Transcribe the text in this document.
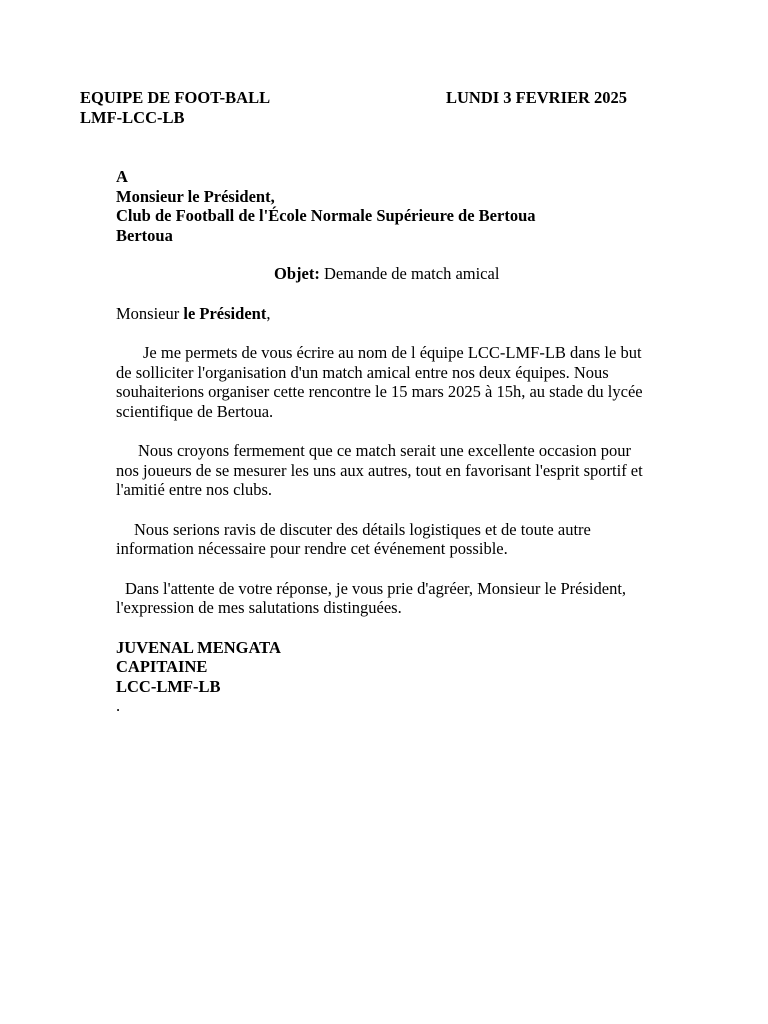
EQUIPE DE FOOT-BALL
LMF-LCC-LB
LUNDI 3 FEVRIER 2025
A
Monsieur le Président,
Club de Football de l'École Normale Supérieure de Bertoua
Bertoua
Objet: Demande de match amical
Monsieur le Président,

Je me permets de vous écrire au nom de l équipe LCC-LMF-LB dans le but de solliciter l'organisation d'un match amical entre nos deux équipes. Nous souhaiterions organiser cette rencontre le 15 mars 2025 à 15h, au stade du lycée scientifique de Bertoua.

Nous croyons fermement que ce match serait une excellente occasion pour nos joueurs de se mesurer les uns aux autres, tout en favorisant l'esprit sportif et l'amitié entre nos clubs.

Nous serions ravis de discuter des détails logistiques et de toute autre information nécessaire pour rendre cet événement possible.

Dans l'attente de votre réponse, je vous prie d'agréer, Monsieur le Président, l'expression de mes salutations distinguées.

JUVENAL MENGATA
CAPITAINE
LCC-LMF-LB
.
